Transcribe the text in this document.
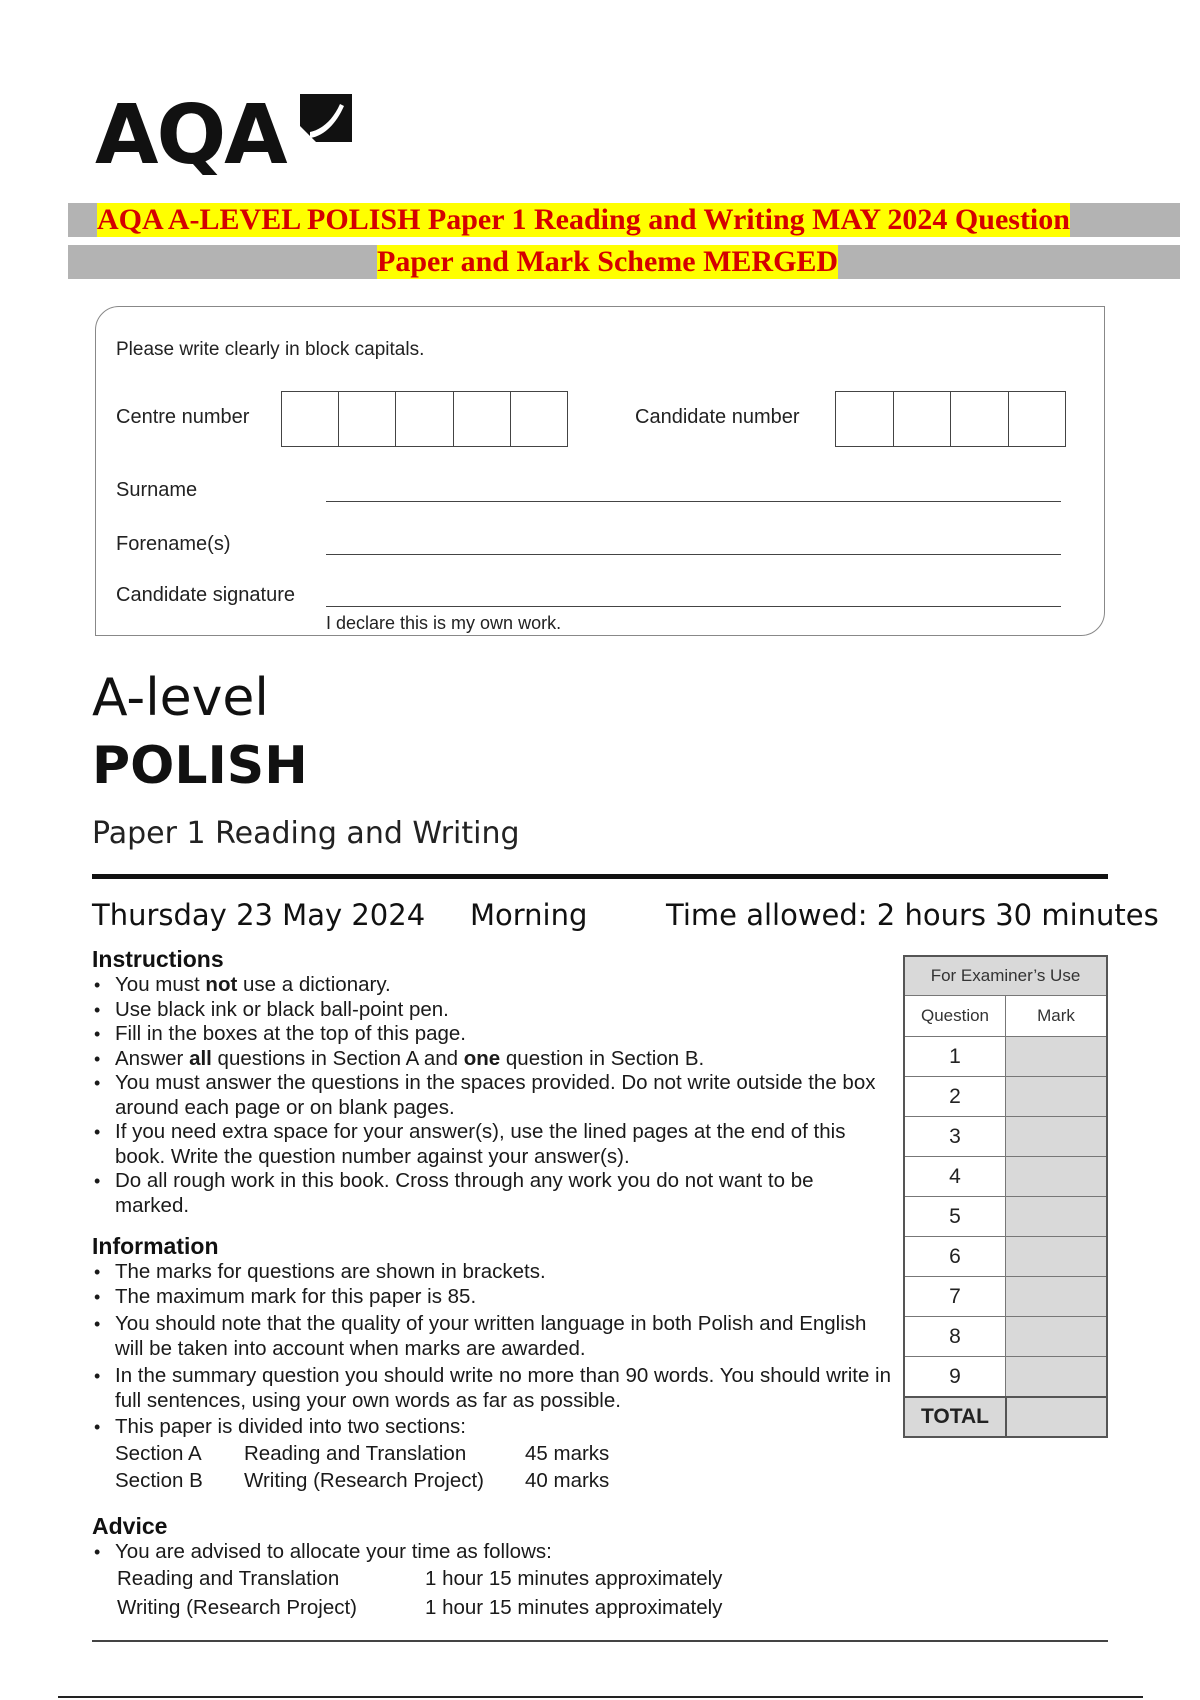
AQA
AQA A-LEVEL POLISH Paper 1 Reading and Writing MAY 2024 Question
Paper and Mark Scheme MERGED
Please write clearly in block capitals.
Centre number	Candidate number
Surname
Forename(s)
Candidate signature
I declare this is my own work.
A-level
POLISH
Paper 1 Reading and Writing
Thursday 23 May 2024 Morning	Time allowed: 2 hours 30 minutes
Instructions
• You must not use a dictionary.
• Use black ink or black ball-point pen.
• Fill in the boxes at the top of this page.
• Answer all questions in Section A and one question in Section B.
• You must answer the questions in the spaces provided. Do not write outside the box around each page or on blank pages.
• If you need extra space for your answer(s), use the lined pages at the end of this book. Write the question number against your answer(s).
• Do all rough work in this book. Cross through any work you do not want to be marked.
Information
• The marks for questions are shown in brackets.
• The maximum mark for this paper is 85.
• You should note that the quality of your written language in both Polish and English will be taken into account when marks are awarded.
• In the summary question you should write no more than 90 words. You should write in full sentences, using your own words as far as possible.
• This paper is divided into two sections:
Section A Reading and Translation	45 marks
Section B Writing (Research Project) 40 marks
Advice
• You are advised to allocate your time as follows:
Reading and Translation	1 hour 15 minutes approximately
Writing (Research Project)	1 hour 15 minutes approximately
For Examiner’s Use
Question	Mark
1
2
3
4
5
6
7
8
9
TOTAL
